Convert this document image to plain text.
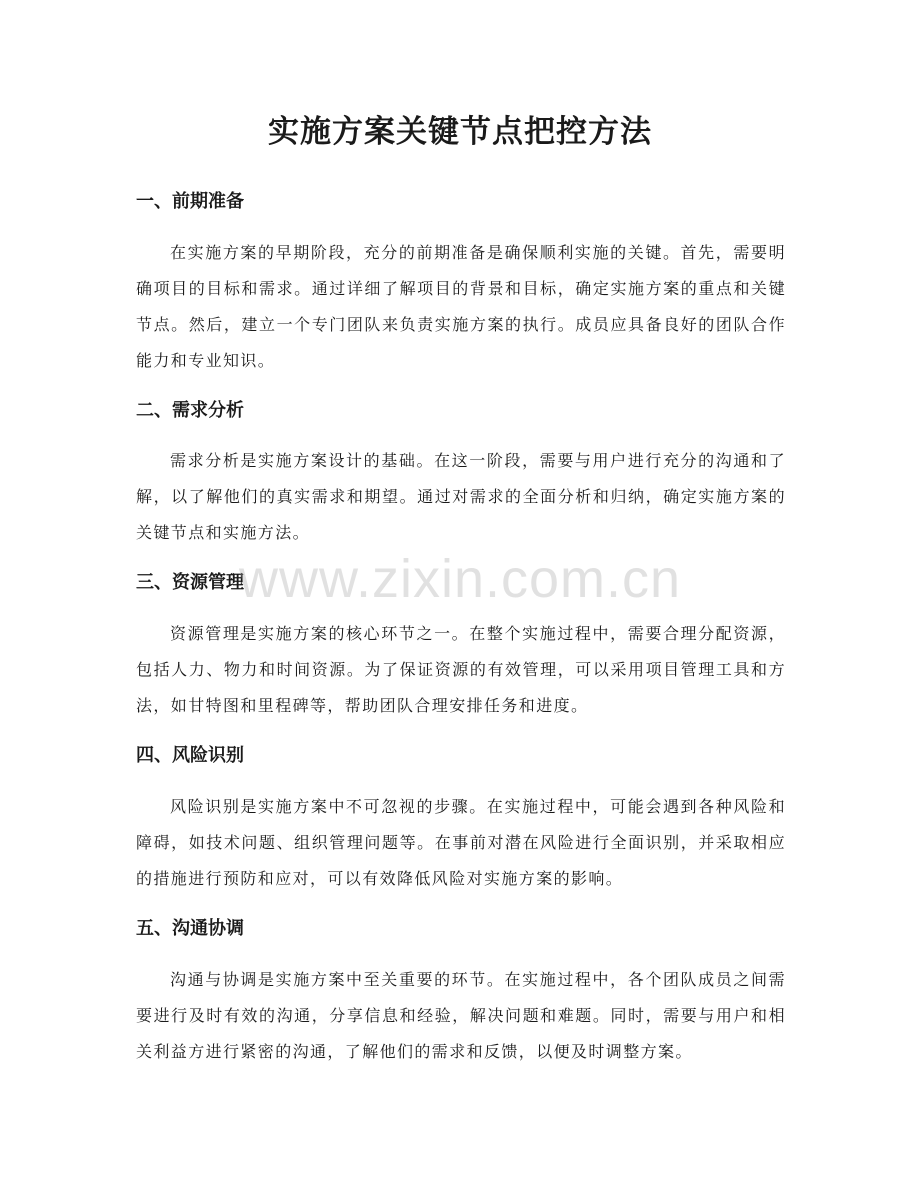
实施方案关键节点把控方法
一、前期准备

在实施方案的早期阶段，充分的前期准备是确保顺利实施的关键。首先，需要明确项目的目标和需求。通过详细了解项目的背景和目标，确定实施方案的重点和关键节点。然后，建立一个专门团队来负责实施方案的执行。成员应具备良好的团队合作能力和专业知识。

二、需求分析

需求分析是实施方案设计的基础。在这一阶段，需要与用户进行充分的沟通和了解，以了解他们的真实需求和期望。通过对需求的全面分析和归纳，确定实施方案的关键节点和实施方法。

三、资源管理

资源管理是实施方案的核心环节之一。在整个实施过程中，需要合理分配资源，包括人力、物力和时间资源。为了保证资源的有效管理，可以采用项目管理工具和方法，如甘特图和里程碑等，帮助团队合理安排任务和进度。

四、风险识别

风险识别是实施方案中不可忽视的步骤。在实施过程中，可能会遇到各种风险和障碍，如技术问题、组织管理问题等。在事前对潜在风险进行全面识别，并采取相应的措施进行预防和应对，可以有效降低风险对实施方案的影响。

五、沟通协调

沟通与协调是实施方案中至关重要的环节。在实施过程中，各个团队成员之间需要进行及时有效的沟通，分享信息和经验，解决问题和难题。同时，需要与用户和相关利益方进行紧密的沟通，了解他们的需求和反馈，以便及时调整方案。

www.zixin.com.cn
